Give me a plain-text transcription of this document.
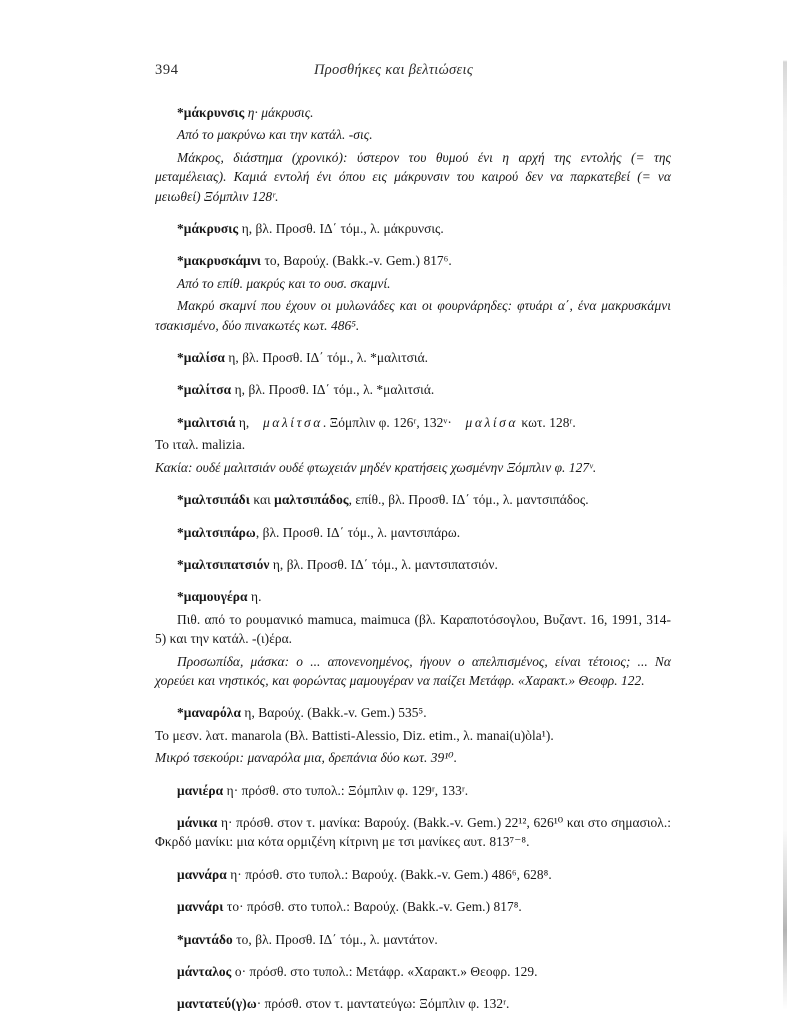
394	Προσθήκες και βελτιώσεις

*μάκρυνσις η· μάκρυσις.

Από το μακρύνω και την κατάλ. -σις.

Μάκρος, διάστημα (χρονικό): ύστερον του θυμού ένι η αρχή της εντολής (= της μεταμέλειας). Καμιά εντολή ένι όπου εις μάκρυνσιν του καιρού δεν να παρκατεβεί (= να μειωθεί) Ξόμπλιν 128ʳ.

*μάκρυσις η, βλ. Προσθ. ΙΔ΄ τόμ., λ. μάκρυνσις.

*μακρυσκάμνι το, Βαρούχ. (Bakk.-v. Gem.) 817⁶.

Από το επίθ. μακρύς και το ουσ. σκαμνί.

Μακρύ σκαμνί που έχουν οι μυλωνάδες και οι φουρνάρηδες: φτυάρι α΄, ένα μακρυσκάμνι τσακισμένο, δύο πινακωτές κωτ. 486⁵.

*μαλίσα η, βλ. Προσθ. ΙΔ΄ τόμ., λ. *μαλιτσιά.

*μαλίτσα η, βλ. Προσθ. ΙΔ΄ τόμ., λ. *μαλιτσιά.

*μαλιτσιά η, μαλίτσα. Ξόμπλιν φ. 126ʳ, 132ᵛ· μαλίσα κωτ. 128ʳ.

Το ιταλ. malizia.

Κακία: ουδέ μαλιτσιάν ουδέ φτωχειάν μηδέν κρατήσεις χωσμένην Ξόμπλιν φ. 127ᵛ.

*μαλτσιπάδι και μαλτσιπάδος, επίθ., βλ. Προσθ. ΙΔ΄ τόμ., λ. μαντσιπάδος.

*μαλτσιπάρω, βλ. Προσθ. ΙΔ΄ τόμ., λ. μαντσιπάρω.

*μαλτσιπατσιόν η, βλ. Προσθ. ΙΔ΄ τόμ., λ. μαντσιπατσιόν.

*μαμουγέρα η.

Πιθ. από το ρουμανικό mamuca, maimuca (βλ. Καραποτόσογλου, Βυζαντ. 16, 1991, 314-5) και την κατάλ. -(ι)έρα.

Προσωπίδα, μάσκα: ο ... απονενοημένος, ήγουν ο απελπισμένος, είναι τέτοιος; ... Να χορεύει και νηστικός, και φορώντας μαμουγέραν να παίζει Μετάφρ. «Χαρακτ.» Θεοφρ. 122.

*μαναρόλα η, Βαρούχ. (Bakk.-v. Gem.) 535⁵.

Το μεσν. λατ. manarola (Βλ. Battisti-Alessio, Diz. etim., λ. manai(u)òla¹).

Μικρό τσεκούρι: μαναρόλα μια, δρεπάνια δύο κωτ. 39¹⁰.

μανιέρα η· πρόσθ. στο τυπολ.: Ξόμπλιν φ. 129ʳ, 133ʳ.

μάνικα η· πρόσθ. στον τ. μανίκα: Βαρούχ. (Bakk.-v. Gem.) 22¹², 626¹⁰ και στο σημασιολ.: Φκρδό μανίκι: μια κότα ορμιζένη κίτρινη με τσι μανίκες αυτ. 813⁷⁻⁸.

μαννάρα η· πρόσθ. στο τυπολ.: Βαρούχ. (Bakk.-v. Gem.) 486⁶, 628⁸.

μαννάρι το· πρόσθ. στο τυπολ.: Βαρούχ. (Bakk.-v. Gem.) 817⁸.

*μαντάδο το, βλ. Προσθ. ΙΔ΄ τόμ., λ. μαντάτον.

μάνταλος ο· πρόσθ. στο τυπολ.: Μετάφρ. «Χαρακτ.» Θεοφρ. 129.

μαντατεύ(γ)ω· πρόσθ. στον τ. μαντατεύγω: Ξόμπλιν φ. 132ʳ.
